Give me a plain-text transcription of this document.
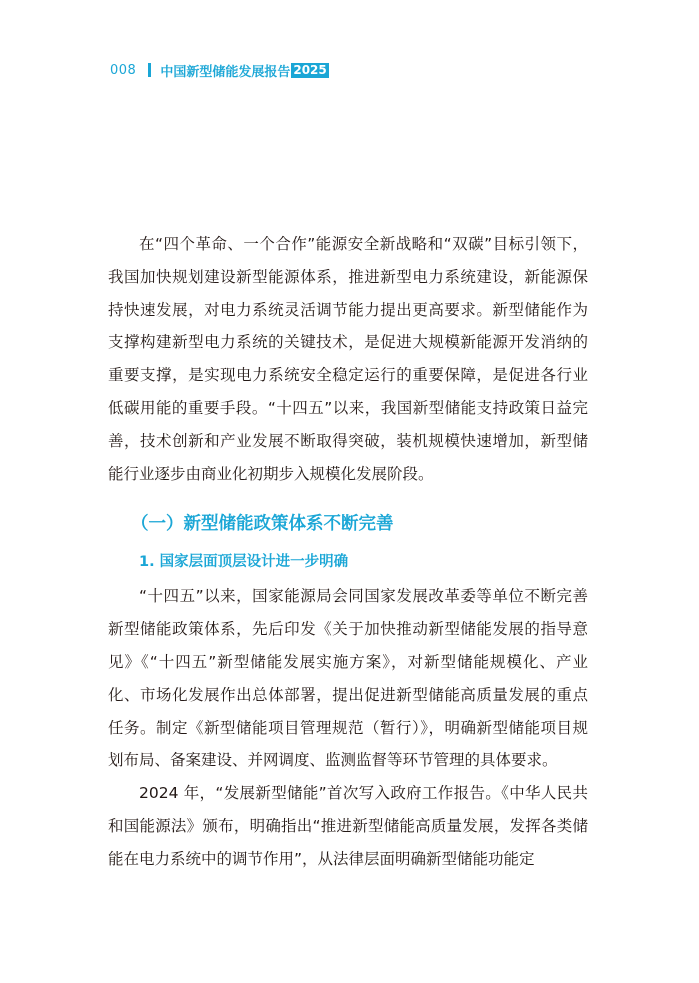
008 中国新型储能发展报告 2025

在“四个革命、一个合作”能源安全新战略和“双碳”目标引领下，我国加快规划建设新型能源体系，推进新型电力系统建设，新能源保持快速发展，对电力系统灵活调节能力提出更高要求。新型储能作为支撑构建新型电力系统的关键技术，是促进大规模新能源开发消纳的重要支撑，是实现电力系统安全稳定运行的重要保障，是促进各行业低碳用能的重要手段。“十四五”以来，我国新型储能支持政策日益完善，技术创新和产业发展不断取得突破，装机规模快速增加，新型储能行业逐步由商业化初期步入规模化发展阶段。

（一）新型储能政策体系不断完善
1. 国家层面顶层设计进一步明确

“十四五”以来，国家能源局会同国家发展改革委等单位不断完善新型储能政策体系，先后印发《关于加快推动新型储能发展的指导意见》《“十四五”新型储能发展实施方案》，对新型储能规模化、产业化、市场化发展作出总体部署，提出促进新型储能高质量发展的重点任务。制定《新型储能项目管理规范（暂行）》，明确新型储能项目规划布局、备案建设、并网调度、监测监督等环节管理的具体要求。

2024 年，“发展新型储能”首次写入政府工作报告。《中华人民共和国能源法》颁布，明确指出“推进新型储能高质量发展，发挥各类储能在电力系统中的调节作用”，从法律层面明确新型储能功能定
